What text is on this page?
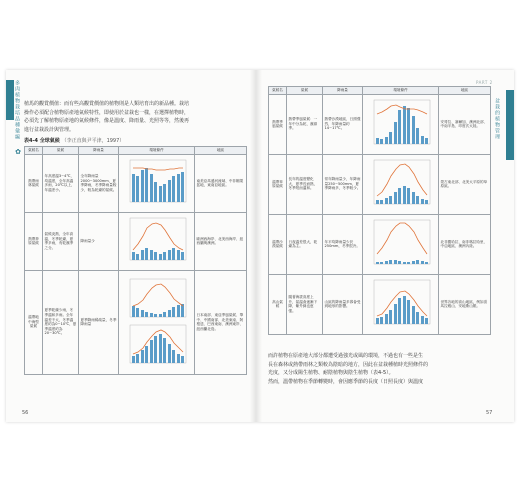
多肉植物栽培品種彙編
✿
植馬的觀賞價值：而有些高觀賞價值的植物則是人類培育出的新品種。栽培
操作必須配合植物原產地氣候特性，即使用於盆栽也一樣，在選擇植物時，
必須先了解植物原產地的氣候條件，像是溫度、降雨量、光照等等，然後再
進行盆栽設計與管理。
表4-4 全球氣候 （李正直與尹平津，1997）
氣候名	氣候	降雨量	環境條件	地區
熱帶雨林氣候	年高度溫3~4℃，均溫度，全年高溫多雨，20℃以上，年溫差小。	全年降雨量2000~3000mm，夏季降雨，冬季降雨量較少，較為乾燥的氣候。		南美亞馬遜河流域、中非剛果盆地，東南亞地區。
熱帶莽原氣候	氣候炎熱，全年高溫，冬季乾燥，夏季多雨，有乾濕季之分。	降雨量少		歐洲西海岸、北美西海岸、紐西蘭與澳洲。
溫帶地中海型氣候	夏季乾燥少雨，冬季溫和多雨。全年溫差不大，冬季溫度約為0~10℃，夏季溫度約為20~30℃。	夏季降雨稀疏量，冬季降雨量		日本南部、東亞季風氣候、華中、中國南部、北美東南、阿根廷、巴西東南、澳洲東岸、紐西蘭北島。
56
PART 2
盆栽的植物管理
氣候名	氣候	降雨量	環境條件	地區
熱帶季風氣候	熱帶季風氣候：一年中分為乾、濕兩季。	熱帶沙漠地區，日照強烈，年降雨量約14~17℃。		安哥拉、塞爾加、澳洲北部、中南半島、印度次大陸。
溫帶草原氣候	長年的溫度變化大，夏季長而熱，冬季短而溫和。	常年降雨量少，年降雨量250~500mm，夏季降雨多，冬季較少。		蒙古東北部、北美大平原的草原區。
溫帶沙漠氣候	日夜溫差很大，乾燥為主。	年平均降雨量少於250mm，冬季很冷。		北非撒哈拉、南非喀拉哈里、中亞地區、澳洲內陸。
高山氣候	隨著海拔高度上升，氣溫會逐漸下降，紫外線也愈強。	山區的降雨量多寡會受到地形的影響。		世界各地的高山地區，例如喜馬拉雅山、安地斯山脈。
而許植物在原產地大部分都遭受過強光或風的環境，不過也有一些是生
長在森林或熱帶雨林之類較為陰暗的地方，因此在盆栽種植時光照條件的
光度，又分成陽生植物、耐陰植物與陰生植物（表4-5）。
然而，溫帶植物在季節轉變時，會因應季節的長度（日照長度）與溫度
57
